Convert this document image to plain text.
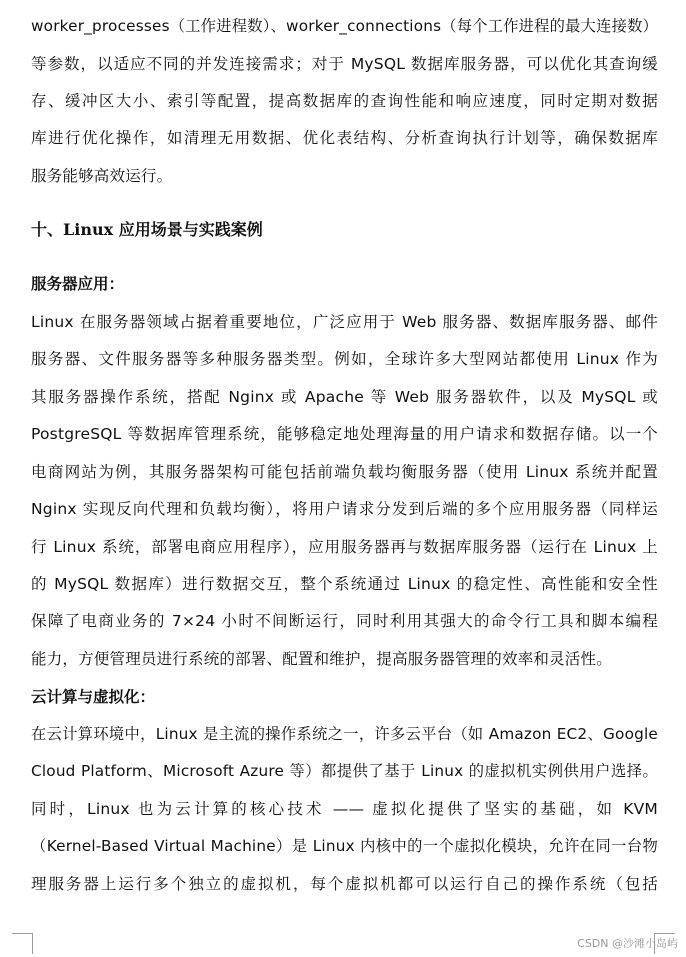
worker_processes（工作进程数）、worker_connections（每个工作进程的最大连接数）
等参数，以适应不同的并发连接需求；对于 MySQL 数据库服务器，可以优化其查询缓
存、缓冲区大小、索引等配置，提高数据库的查询性能和响应速度，同时定期对数据
库进行优化操作，如清理无用数据、优化表结构、分析查询执行计划等，确保数据库
服务能够高效运行。
十、Linux 应用场景与实践案例
服务器应用：
Linux 在服务器领域占据着重要地位，广泛应用于 Web 服务器、数据库服务器、邮件
服务器、文件服务器等多种服务器类型。例如，全球许多大型网站都使用 Linux 作为
其服务器操作系统，搭配 Nginx 或 Apache 等 Web 服务器软件，以及 MySQL 或
PostgreSQL 等数据库管理系统，能够稳定地处理海量的用户请求和数据存储。以一个
电商网站为例，其服务器架构可能包括前端负载均衡服务器（使用 Linux 系统并配置
Nginx 实现反向代理和负载均衡），将用户请求分发到后端的多个应用服务器（同样运
行 Linux 系统，部署电商应用程序），应用服务器再与数据库服务器（运行在 Linux 上
的 MySQL 数据库）进行数据交互，整个系统通过 Linux 的稳定性、高性能和安全性
保障了电商业务的 7×24 小时不间断运行，同时利用其强大的命令行工具和脚本编程
能力，方便管理员进行系统的部署、配置和维护，提高服务器管理的效率和灵活性。
云计算与虚拟化：
在云计算环境中，Linux 是主流的操作系统之一，许多云平台（如 Amazon EC2、Google
Cloud Platform、Microsoft Azure 等）都提供了基于 Linux 的虚拟机实例供用户选择。
同时，Linux 也为云计算的核心技术 —— 虚拟化提供了坚实的基础，如 KVM
（Kernel-Based Virtual Machine）是 Linux 内核中的一个虚拟化模块，允许在同一台物
理服务器上运行多个独立的虚拟机，每个虚拟机都可以运行自己的操作系统（包括
CSDN @沙滩小岛屿
